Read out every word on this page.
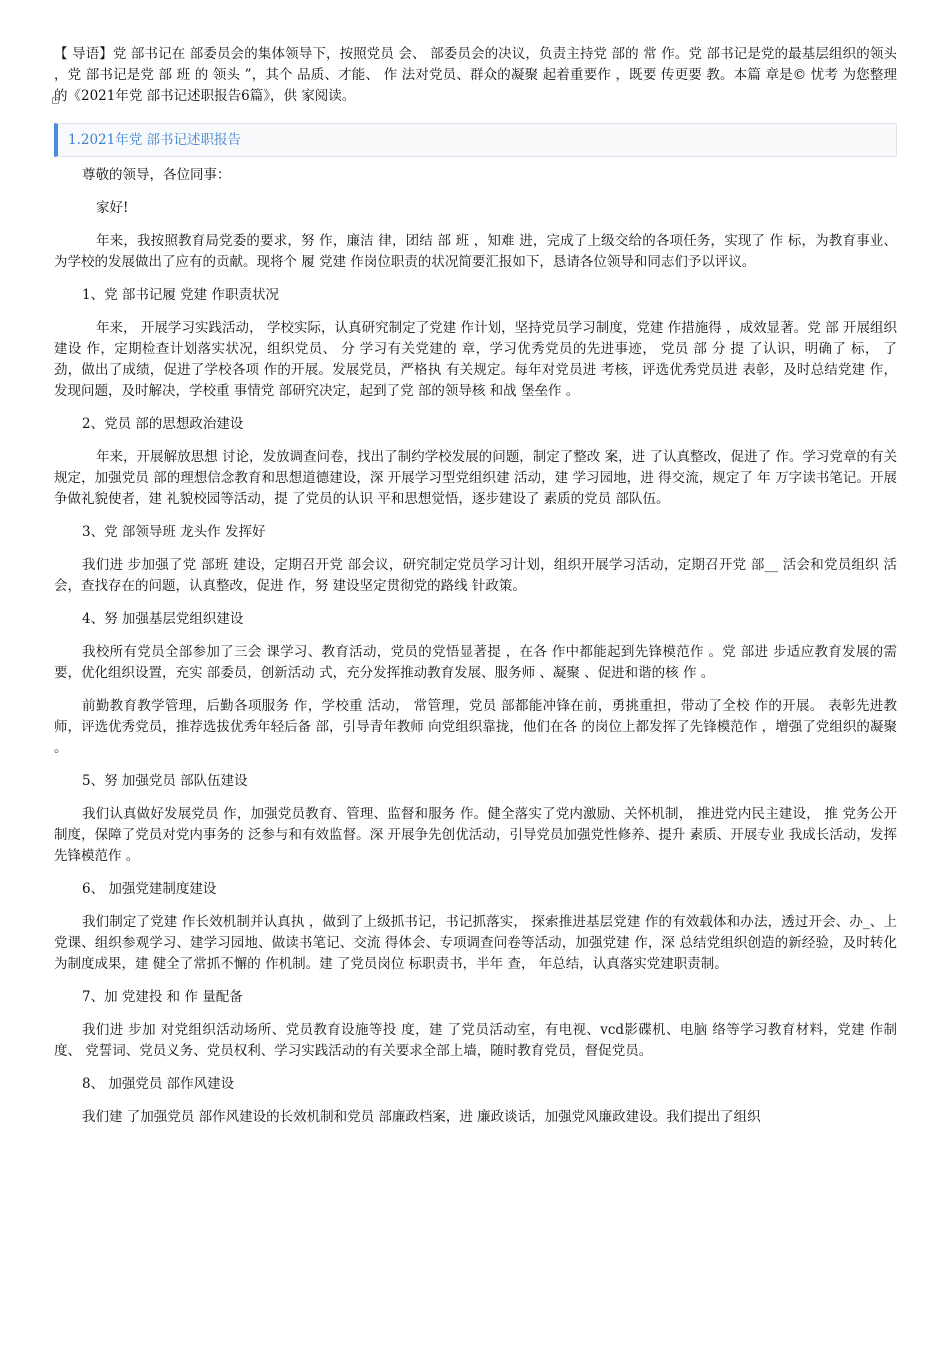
【 导语】党 部书记在 部委员会的集体领导下，按照党员 会、 部委员会的决议，负责主持党 部的 常 作。党 部书记是党的最基层组织的领头 ，党 部书记是党 部 班 的 领头 ”，其个 品质、才能、 作 法对党员、群众的凝聚 起着重要作 ，既要 传更要 教。本篇 章是© 忧考 为您整理的《2021年党 部书记述职报告6篇》，供 家阅读。

1.2021年党 部书记述职报告

尊敬的领导，各位同事：

家好!

年来，我按照教育局党委的要求，努 作，廉洁 律，团结 部 班 ，知难 进，完成了上级交给的各项任务，实现了 作 标，为教育事业、为学校的发展做出了应有的贡献。现将个 履 党建 作岗位职责的状况简要汇报如下，恳请各位领导和同志们予以评议。

1、党 部书记履 党建 作职责状况

年来， 开展学习实践活动， 学校实际，认真研究制定了党建 作计划，坚持党员学习制度，党建 作措施得 ，成效显著。党 部 开展组织建设 作，定期检查计划落实状况，组织党员、 分 学习有关党建的 章，学习优秀党员的先进事迹， 党员 部 分 提 了认识，明确了 标， 了 劲，做出了成绩，促进了学校各项 作的开展。发展党员，严格执 有关规定。每年对党员进 考核，评选优秀党员进 表彰，及时总结党建 作，发现问题，及时解决，学校重 事情党 部研究决定，起到了党 部的领导核 和战 堡垒作 。

2、党员 部的思想政治建设

年来，开展解放思想 讨论，发放调查问卷，找出了制约学校发展的问题，制定了整改 案，进 了认真整改，促进了 作。学习党章的有关规定，加强党员 部的理想信念教育和思想道德建设，深 开展学习型党组织建 活动，建 学习园地，进 得交流，规定了 年 万字读书笔记。开展争做礼貌使者，建 礼貌校园等活动，提 了党员的认识 平和思想觉悟，逐步建设了 素质的党员 部队伍。

3、党 部领导班 龙头作 发挥好

我们进 步加强了党 部班 建设，定期召开党 部会议，研究制定党员学习计划，组织开展学习活动，定期召开党 部__ 活会和党员组织 活会，查找存在的问题，认真整改，促进 作，努 建设坚定贯彻党的路线 针政策。

4、努 加强基层党组织建设

我校所有党员全部参加了三会 课学习、教育活动，党员的党悟显著提 ，在各 作中都能起到先锋模范作 。党 部进 步适应教育发展的需要，优化组织设置，充实 部委员，创新活动 式，充分发挥推动教育发展、服务师 、凝聚 、促进和谐的核 作 。

前勤教育教学管理，后勤各项服务 作，学校重 活动， 常管理，党员 部都能冲锋在前，勇挑重担，带动了全校 作的开展。 表彰先进教师，评选优秀党员，推荐选拔优秀年轻后备 部，引导青年教师 向党组织靠拢，他们在各 的岗位上都发挥了先锋模范作 ，增强了党组织的凝聚 。

5、努 加强党员 部队伍建设

我们认真做好发展党员 作，加强党员教育、管理、监督和服务 作。健全落实了党内激励、关怀机制， 推进党内民主建设， 推 党务公开制度，保障了党员对党内事务的 泛参与和有效监督。深 开展争先创优活动，引导党员加强党性修养、提升 素质、开展专业 我成长活动，发挥先锋模范作 。

6、 加强党建制度建设

我们制定了党建 作长效机制并认真执 ，做到了上级抓书记，书记抓落实， 探索推进基层党建 作的有效载体和办法，透过开会、办_、上党课、组织参观学习、建学习园地、做读书笔记、交流 得体会、专项调查问卷等活动，加强党建 作，深 总结党组织创造的新经验，及时转化为制度成果，建 健全了常抓不懈的 作机制。建 了党员岗位 标职责书，半年 查， 年总结，认真落实党建职责制。

7、加 党建投 和 作 量配备

我们进 步加 对党组织活动场所、党员教育设施等投 度，建 了党员活动室，有电视、vcd影碟机、电脑 络等学习教育材料，党建 作制度、 党誓词、党员义务、党员权利、学习实践活动的有关要求全部上墙，随时教育党员，督促党员。

8、 加强党员 部作风建设

我们建 了加强党员 部作风建设的长效机制和党员 部廉政档案，进 廉政谈话，加强党风廉政建设。我们提出了组织
